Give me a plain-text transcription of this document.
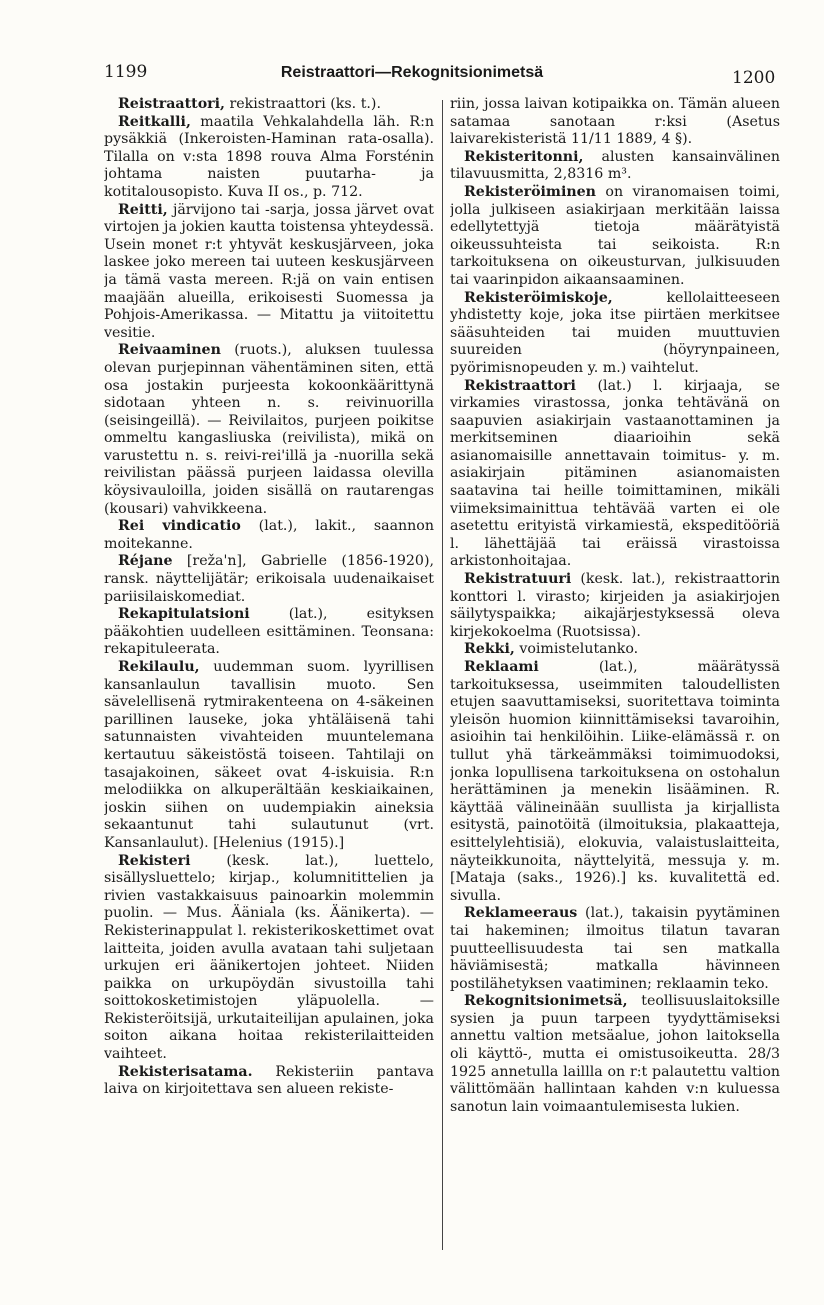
1199	Reistraattori—Rekognitsionimetsä	1200

Reistraattori, rekistraattori (ks. t.).

Reitkalli, maatila Vehkalahdella läh. R:n pysäkkiä (Inkeroisten-Haminan rata-osalla). Tilalla on v:sta 1898 rouva Alma Forsténin johtama naisten puutarha- ja kotitalousopisto. Kuva II os., p. 712.

Reitti, järvijono tai -sarja, jossa järvet ovat virtojen ja jokien kautta toistensa yhteydessä. Usein monet r:t yhtyvät keskusjärveen, joka laskee joko mereen tai uuteen keskusjärveen ja tämä vasta mereen. R:jä on vain entisen maajään alueilla, erikoisesti Suomessa ja Pohjois-Amerikassa. — Mitattu ja viitoitettu vesitie.

Reivaaminen (ruots.), aluksen tuulessa olevan purjepinnan vähentäminen siten, että osa jostakin purjeesta kokoonkäärittynä sidotaan yhteen n. s. reivinuorilla (seisingeillä). — Reivilaitos, purjeen poikitse ommeltu kangasliuska (reivilista), mikä on varustettu n. s. reivi-rei'illä ja -nuorilla sekä reivilistan päässä purjeen laidassa olevilla köysivauloilla, joiden sisällä on rautarengas (kousari) vahvikkeena.

Rei vindicatio (lat.), lakit., saannon moitekanne.

Réjane [reža'n], Gabrielle (1856-1920), ransk. näyttelijätär; erikoisala uudenaikaiset pariisilaiskomediat.

Rekapitulatsioni (lat.), esityksen pääkohtien uudelleen esittäminen. Teonsana: rekapituleerata.

Rekilaulu, uudemman suom. lyyrillisen kansanlaulun tavallisin muoto. Sen sävelellisenä rytmirakenteena on 4-säkeinen parillinen lauseke, joka yhtäläisenä tahi satunnaisten vivahteiden muuntelemana kertautuu säkeistöstä toiseen. Tahtilaji on tasajakoinen, säkeet ovat 4-iskuisia. R:n melodiikka on alkuperältään keskiaikainen, joskin siihen on uudempiakin aineksia sekaantunut tahi sulautunut (vrt. Kansanlaulut). [Helenius (1915).]

Rekisteri (kesk. lat.), luettelo, sisällysluettelo; kirjap., kolumnitittelien ja rivien vastakkaisuus painoarkin molemmin puolin. — Mus. Ääniala (ks. Äänikerta). — Rekisterinappulat l. rekisterikoskettimet ovat laitteita, joiden avulla avataan tahi suljetaan urkujen eri äänikertojen johteet. Niiden paikka on urkupöydän sivustoilla tahi soittokosketimistojen yläpuolella. — Rekisteröitsijä, urkutaiteilijan apulainen, joka soiton aikana hoitaa rekisterilaitteiden vaihteet.

Rekisterisatama. Rekisteriin pantava laiva on kirjoitettava sen alueen rekiste-

riin, jossa laivan kotipaikka on. Tämän alueen satamaa sanotaan r:ksi (Asetus laivarekisteristä 11/11 1889, 4 §).

Rekisteritonni, alusten kansainvälinen tilavuusmitta, 2,8316 m³.

Rekisteröiminen on viranomaisen toimi, jolla julkiseen asiakirjaan merkitään laissa edellytettyjä tietoja määrätyistä oikeussuhteista tai seikoista. R:n tarkoituksena on oikeusturvan, julkisuuden tai vaarinpidon aikaansaaminen.

Rekisteröimiskoje, kellolaitteeseen yhdistetty koje, joka itse piirtäen merkitsee sääsuhteiden tai muiden muuttuvien suureiden (höyrynpaineen, pyörimisnopeuden y. m.) vaihtelut.

Rekistraattori (lat.) l. kirjaaja, se virkamies virastossa, jonka tehtävänä on saapuvien asiakirjain vastaanottaminen ja merkitseminen diaarioihin sekä asianomaisille annettavain toimitus- y. m. asiakirjain pitäminen asianomaisten saatavina tai heille toimittaminen, mikäli viimeksimainittua tehtävää varten ei ole asetettu erityistä virkamiestä, ekspeditööriä l. lähettäjää tai eräissä virastoissa arkistonhoitajaa.

Rekistratuuri (kesk. lat.), rekistraattorin konttori l. virasto; kirjeiden ja asiakirjojen säilytyspaikka; aikajärjestyksessä oleva kirjekokoelma (Ruotsissa).

Rekki, voimistelutanko.

Reklaami (lat.), määrätyssä tarkoituksessa, useimmiten taloudellisten etujen saavuttamiseksi, suoritettava toiminta yleisön huomion kiinnittämiseksi tavaroihin, asioihin tai henkilöihin. Liike-elämässä r. on tullut yhä tärkeämmäksi toimimuodoksi, jonka lopullisena tarkoituksena on ostohalun herättäminen ja menekin lisääminen. R. käyttää välineinään suullista ja kirjallista esitystä, painotöitä (ilmoituksia, plakaatteja, esittelylehtisiä), elokuvia, valaistuslaitteita, näyteikkunoita, näyttelyitä, messuja y. m. [Mataja (saks., 1926).] ks. kuvalitettä ed. sivulla.

Reklameeraus (lat.), takaisin pyytäminen tai hakeminen; ilmoitus tilatun tavaran puutteellisuudesta tai sen matkalla häviämisestä; matkalla hävinneen postilähetyksen vaatiminen; reklaamin teko.

Rekognitsionimetsä, teollisuuslaitoksille sysien ja puun tarpeen tyydyttämiseksi annettu valtion metsäalue, johon laitoksella oli käyttö-, mutta ei omistusoikeutta. 28/3 1925 annetulla laillla on r:t palautettu valtion välittömään hallintaan kahden v:n kuluessa sanotun lain voimaantulemisesta lukien.
